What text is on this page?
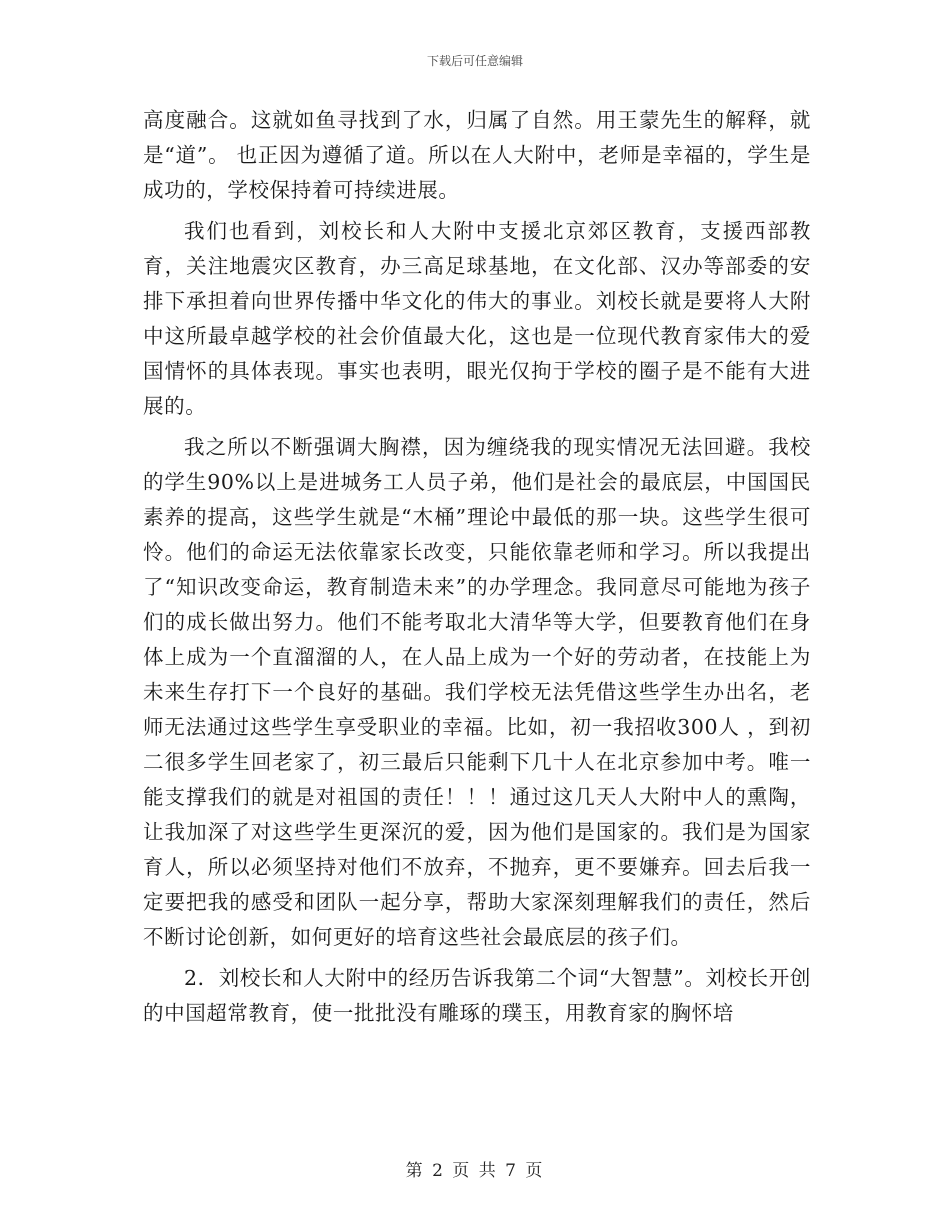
下载后可任意编辑

高度融合。这就如鱼寻找到了水，归属了自然。用王蒙先生的解释，就是“道”。 也正因为遵循了道。所以在人大附中，老师是幸福的，学生是成功的，学校保持着可持续进展。

我们也看到，刘校长和人大附中支援北京郊区教育，支援西部教育，关注地震灾区教育，办三高足球基地，在文化部、汉办等部委的安排下承担着向世界传播中华文化的伟大的事业。刘校长就是要将人大附中这所最卓越学校的社会价值最大化，这也是一位现代教育家伟大的爱国情怀的具体表现。事实也表明，眼光仅拘于学校的圈子是不能有大进展的。

我之所以不断强调大胸襟，因为缠绕我的现实情况无法回避。我校的学生90%以上是进城务工人员子弟，他们是社会的最底层，中国国民素养的提高，这些学生就是“木桶”理论中最低的那一块。这些学生很可怜。他们的命运无法依靠家长改变，只能依靠老师和学习。所以我提出了“知识改变命运，教育制造未来”的办学理念。我同意尽可能地为孩子们的成长做出努力。他们不能考取北大清华等大学，但要教育他们在身体上成为一个直溜溜的人，在人品上成为一个好的劳动者，在技能上为未来生存打下一个良好的基础。我们学校无法凭借这些学生办出名，老师无法通过这些学生享受职业的幸福。比如，初一我招收300人 ，到初二很多学生回老家了，初三最后只能剩下几十人在北京参加中考。唯一能支撑我们的就是对祖国的责任！！！通过这几天人大附中人的熏陶，让我加深了对这些学生更深沉的爱，因为他们是国家的。我们是为国家育人，所以必须坚持对他们不放弃，不抛弃，更不要嫌弃。回去后我一定要把我的感受和团队一起分享，帮助大家深刻理解我们的责任，然后不断讨论创新，如何更好的培育这些社会最底层的孩子们。

2．刘校长和人大附中的经历告诉我第二个词“大智慧”。刘校长开创的中国超常教育，使一批批没有雕琢的璞玉，用教育家的胸怀培

第 2 页 共 7 页
